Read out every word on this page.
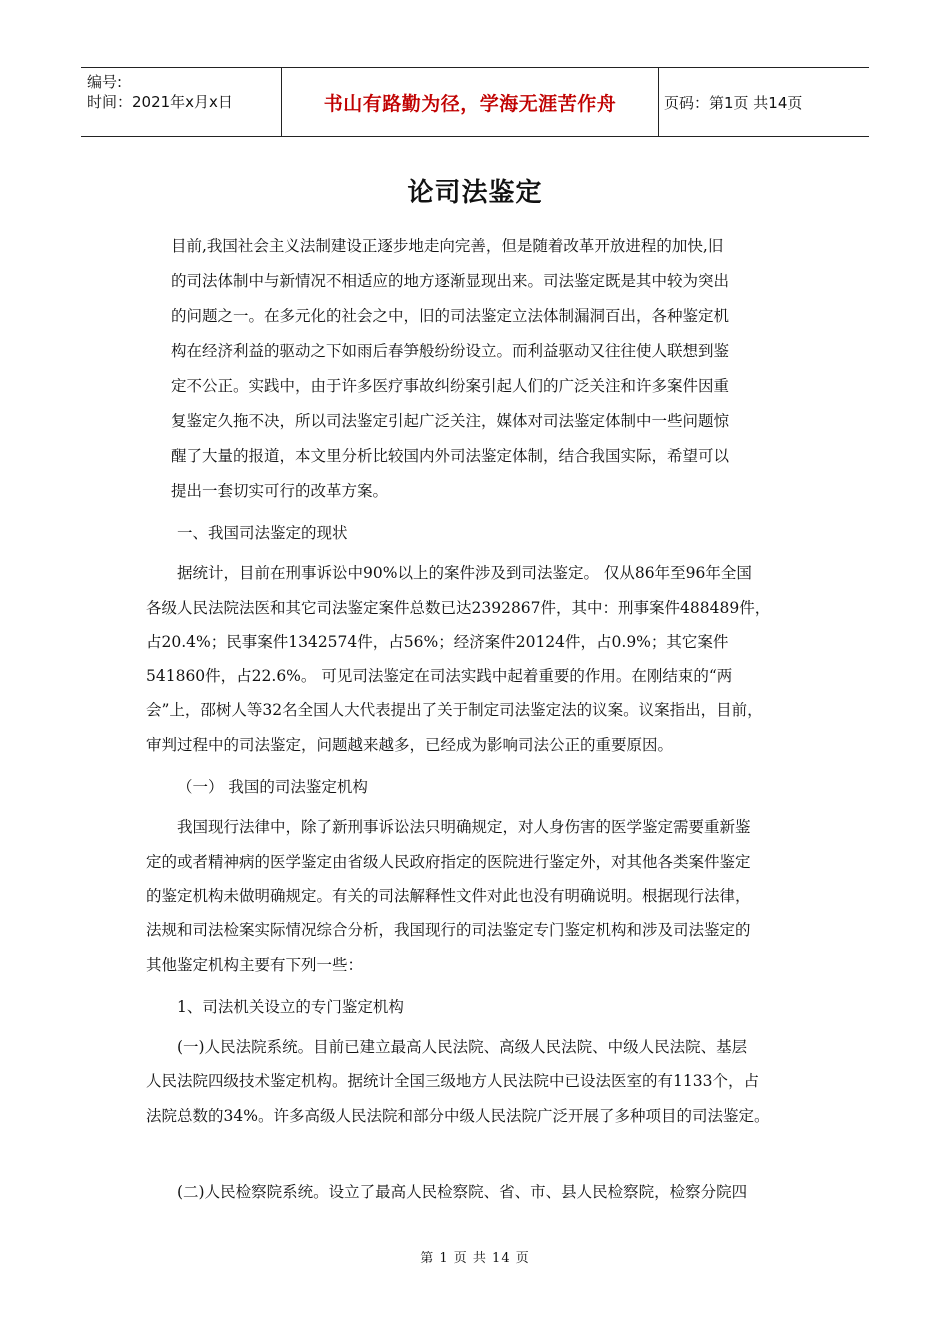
编号:
时间：2021年x月x日	书山有路勤为径，学海无涯苦作舟	页码：第1页 共14页
论司法鉴定
目前,我国社会主义法制建设正逐步地走向完善，但是随着改革开放进程的加快,旧
的司法体制中与新情况不相适应的地方逐渐显现出来。司法鉴定既是其中较为突出
的问题之一。在多元化的社会之中，旧的司法鉴定立法体制漏洞百出，各种鉴定机
构在经济利益的驱动之下如雨后春笋般纷纷设立。而利益驱动又往往使人联想到鉴
定不公正。实践中，由于许多医疗事故纠纷案引起人们的广泛关注和许多案件因重
复鉴定久拖不决，所以司法鉴定引起广泛关注，媒体对司法鉴定体制中一些问题惊
醒了大量的报道，本文里分析比较国内外司法鉴定体制，结合我国实际，希望可以
提出一套切实可行的改革方案。
一、我国司法鉴定的现状
据统计，目前在刑事诉讼中90%以上的案件涉及到司法鉴定。 仅从86年至96年全国
各级人民法院法医和其它司法鉴定案件总数已达2392867件，其中：刑事案件488489件，
占20.4%；民事案件1342574件，占56%；经济案件20124件，占0.9%；其它案件
541860件，占22.6%。 可见司法鉴定在司法实践中起着重要的作用。在刚结束的“两
会”上，邵树人等32名全国人大代表提出了关于制定司法鉴定法的议案。议案指出，目前，
审判过程中的司法鉴定，问题越来越多，已经成为影响司法公正的重要原因。
（一） 我国的司法鉴定机构
我国现行法律中，除了新刑事诉讼法只明确规定，对人身伤害的医学鉴定需要重新鉴
定的或者精神病的医学鉴定由省级人民政府指定的医院进行鉴定外，对其他各类案件鉴定
的鉴定机构未做明确规定。有关的司法解释性文件对此也没有明确说明。根据现行法律，
法规和司法检案实际情况综合分析，我国现行的司法鉴定专门鉴定机构和涉及司法鉴定的
其他鉴定机构主要有下列一些：
1、司法机关设立的专门鉴定机构
(一)人民法院系统。目前已建立最高人民法院、高级人民法院、中级人民法院、基层
人民法院四级技术鉴定机构。据统计全国三级地方人民法院中已设法医室的有1133个，占
法院总数的34%。许多高级人民法院和部分中级人民法院广泛开展了多种项目的司法鉴定。
(二)人民检察院系统。设立了最高人民检察院、省、市、县人民检察院，检察分院四
第 1 页 共 14 页
